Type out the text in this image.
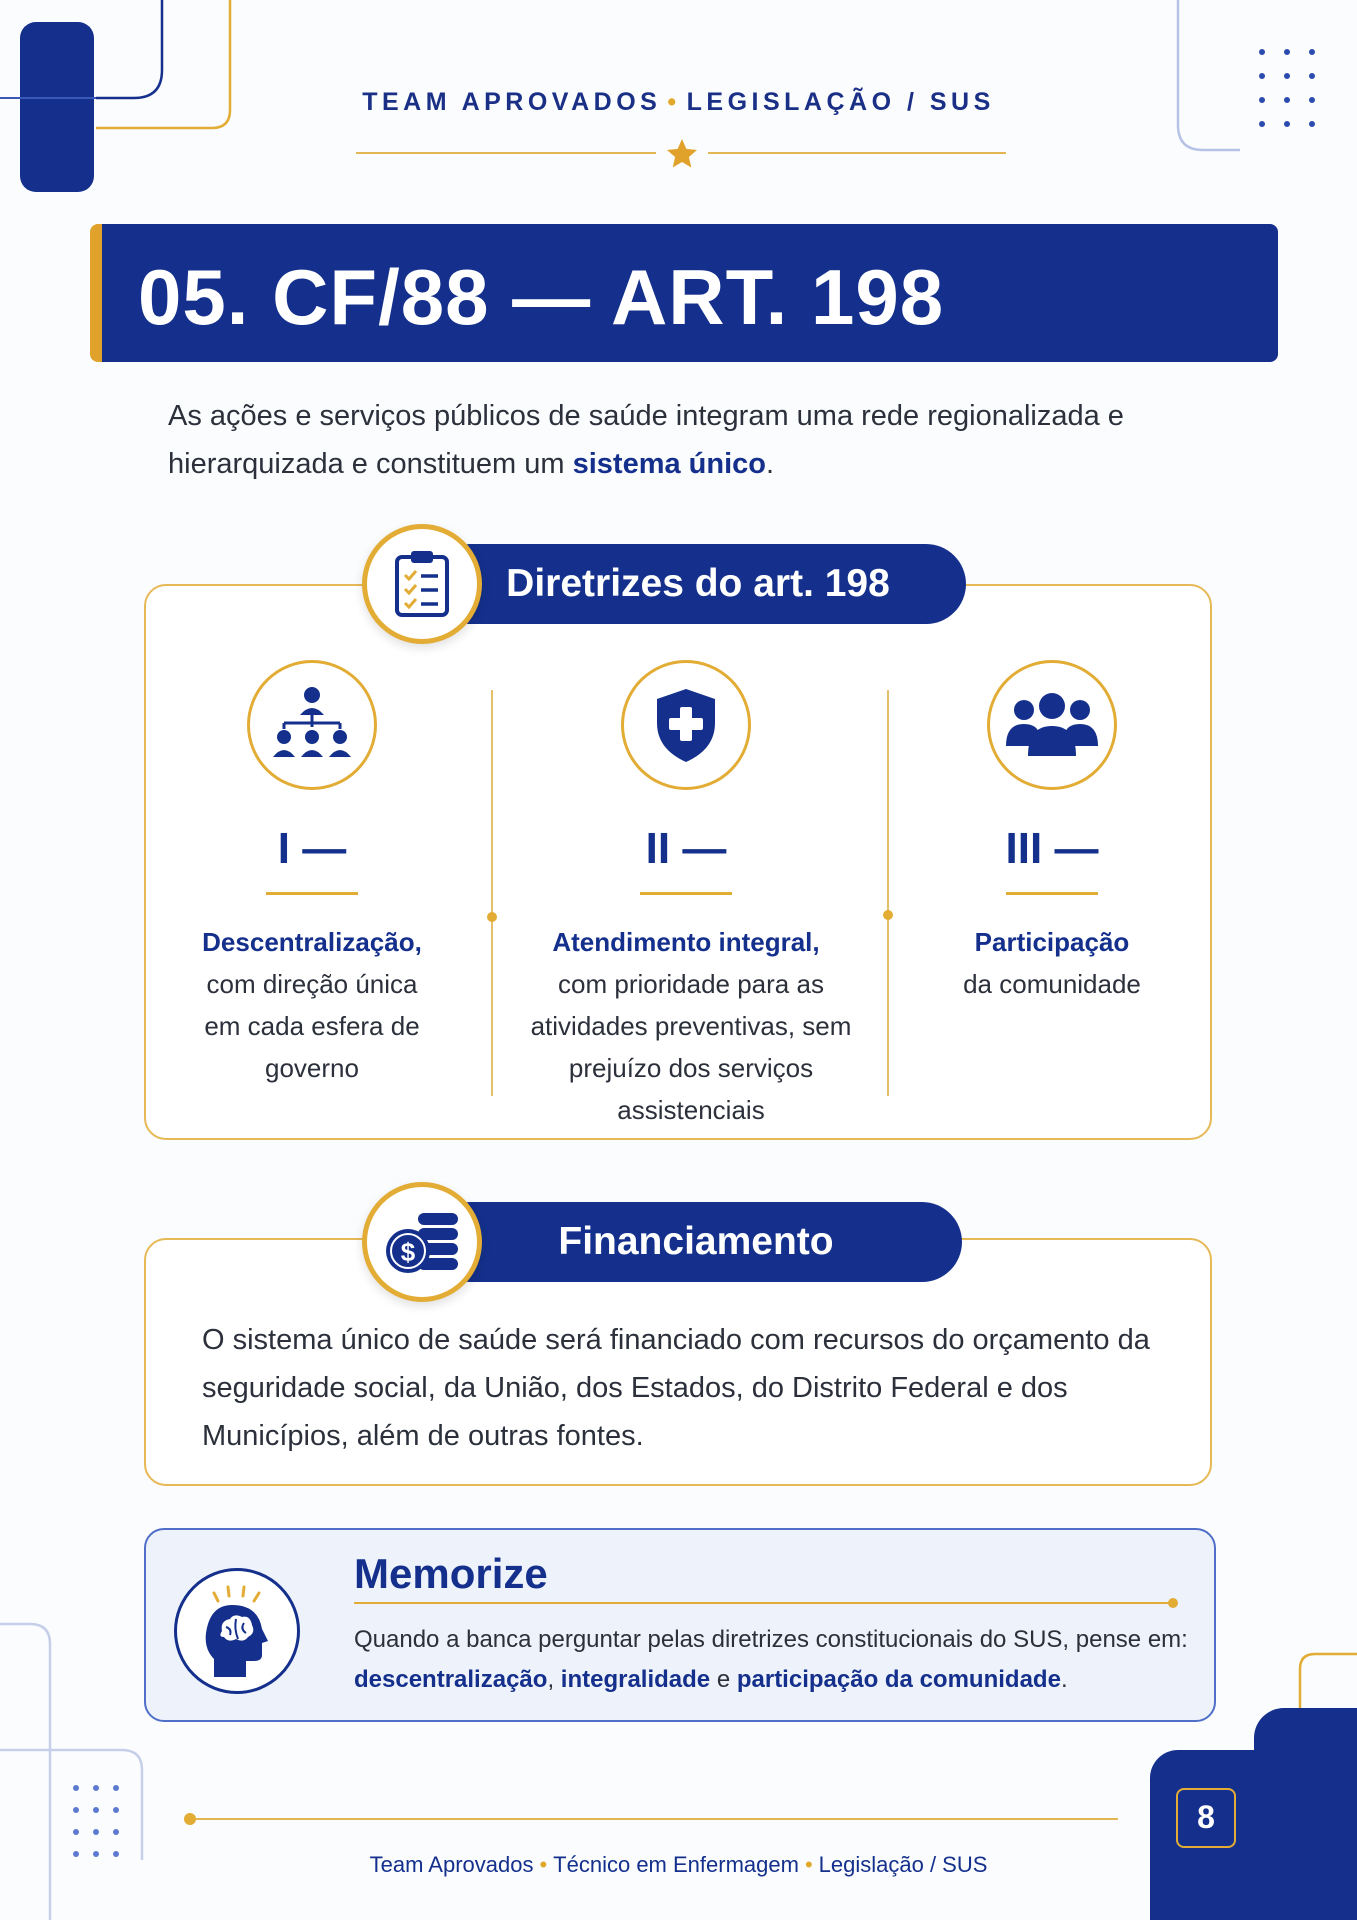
TEAM APROVADOS • LEGISLAÇÃO / SUS
05. CF/88 — ART. 198

As ações e serviços públicos de saúde integram uma rede regionalizada e hierarquizada e constituem um sistema único.

Diretrizes do art. 198
I —
Descentralização,
com direção única em cada esfera de governo
II —
Atendimento integral,
com prioridade para as atividades preventivas, sem prejuízo dos serviços assistenciais
III —
Participação
da comunidade
Financiamento
$

O sistema único de saúde será financiado com recursos do orçamento da seguridade social, da União, dos Estados, do Distrito Federal e dos Municípios, além de outras fontes.

Memorize

Quando a banca perguntar pelas diretrizes constitucionais do SUS, pense em: descentralização, integralidade e participação da comunidade.

Team Aprovados • Técnico em Enfermagem • Legislação / SUS
8
